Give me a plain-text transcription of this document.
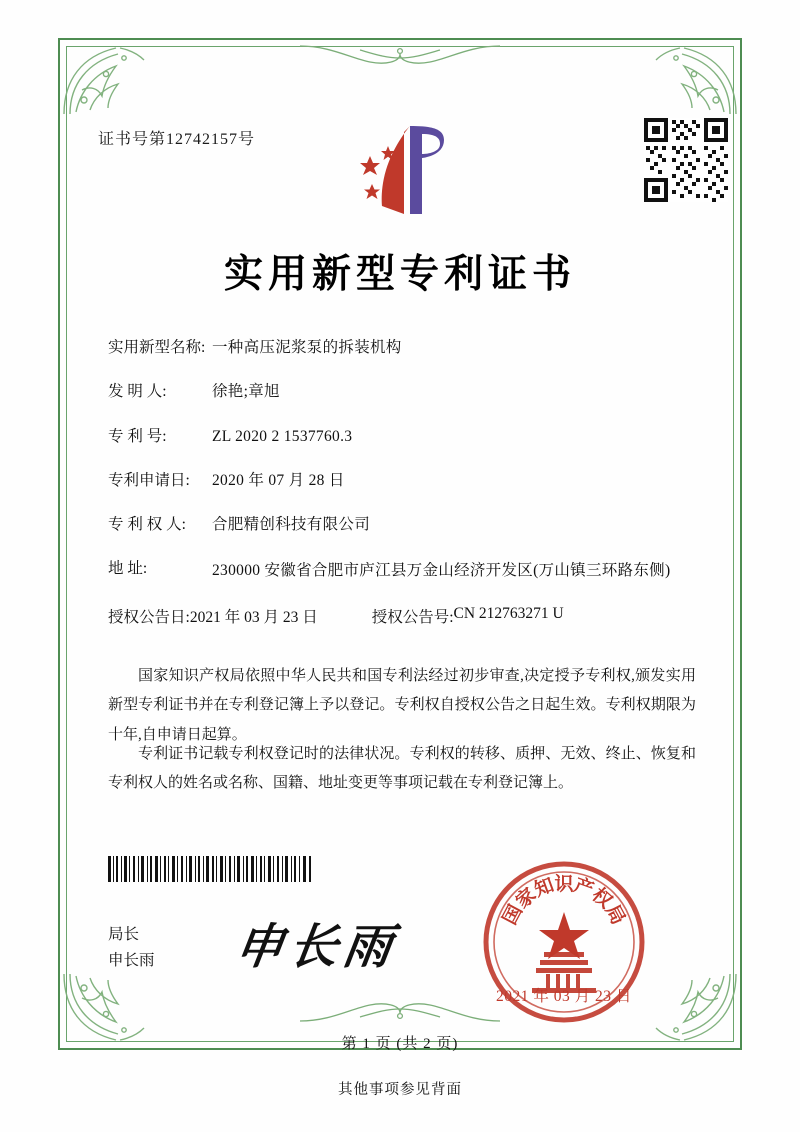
证书号第12742157号
实用新型专利证书
实用新型名称: 一种高压泥浆泵的拆装机构
发 明 人:	徐艳;章旭
专 利 号:	ZL 2020 2 1537760.3
专利申请日:	2020 年 07 月 28 日
专 利 权 人:	合肥精创科技有限公司
地 址:	230000 安徽省合肥市庐江县万金山经济开发区(万山镇三环路东侧)
授权公告日: 2021 年 03 月 23 日	授权公告号: CN 212763271 U
国家知识产权局依照中华人民共和国专利法经过初步审查,决定授予专利权,颁发实用新型专利证书并在专利登记簿上予以登记。专利权自授权公告之日起生效。专利权期限为十年,自申请日起算。
专利证书记载专利权登记时的法律状况。专利权的转移、质押、无效、终止、恢复和专利权人的姓名或名称、国籍、地址变更等事项记载在专利登记簿上。
局长
申长雨 申长雨
国
家
知
识
产
权
局
2021 年 03 月 23 日
第 1 页 (共 2 页)
其他事项参见背面
